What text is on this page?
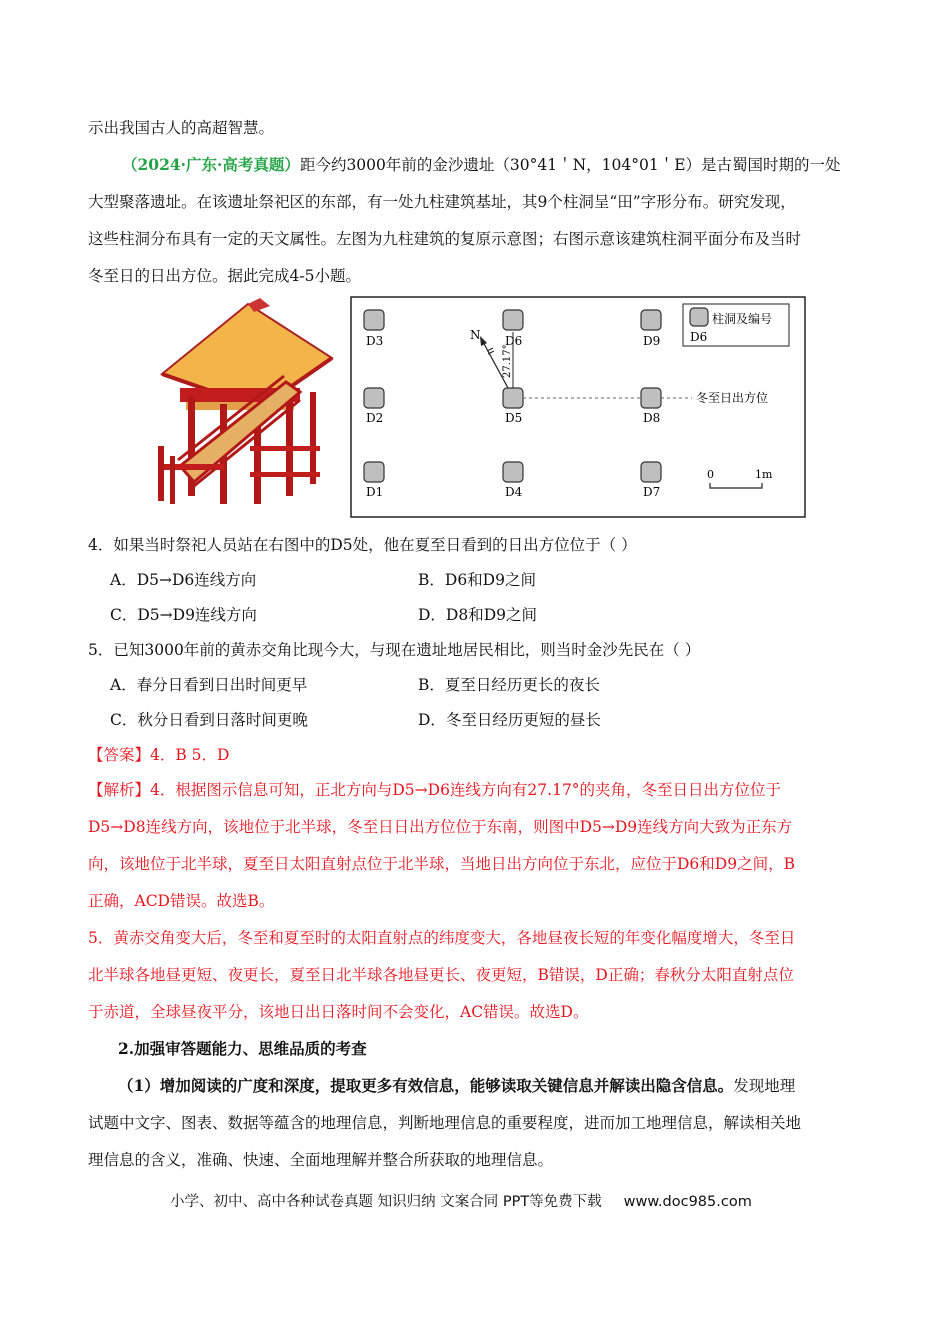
示出我国古人的高超智慧。
（2024·广东·高考真题）距今约3000年前的金沙遗址（30°41＇N，104°01＇E）是古蜀国时期的一处
大型聚落遗址。在该遗址祭祀区的东部，有一处九柱建筑基址，其9个柱洞呈“田”字形分布。研究发现，
这些柱洞分布具有一定的天文属性。左图为九柱建筑的复原示意图；右图示意该建筑柱洞平面分布及当时
冬至日的日出方位。据此完成4-5小题。
D3	D6	D9
D2	D5	D8
D1	D4	D7
N
27.17°
冬至日出方位
柱洞及编号
D6
0	1m
4．如果当时祭祀人员站在右图中的D5处，他在夏至日看到的日出方位位于（ ）
A．D5→D6连线方向	B．D6和D9之间
C．D5→D9连线方向	D．D8和D9之间
5．已知3000年前的黄赤交角比现今大，与现在遗址地居民相比，则当时金沙先民在（ ）
A．春分日看到日出时间更早	B．夏至日经历更长的夜长
C．秋分日看到日落时间更晚	D．冬至日经历更短的昼长
【答案】4．B 5．D
【解析】4．根据图示信息可知，正北方向与D5→D6连线方向有27.17°的夹角，冬至日日出方位位于
D5→D8连线方向，该地位于北半球，冬至日日出方位位于东南，则图中D5→D9连线方向大致为正东方
向，该地位于北半球，夏至日太阳直射点位于北半球，当地日出方向位于东北，应位于D6和D9之间，B
正确，ACD错误。故选B。
5．黄赤交角变大后，冬至和夏至时的太阳直射点的纬度变大，各地昼夜长短的年变化幅度增大，冬至日
北半球各地昼更短、夜更长，夏至日北半球各地昼更长、夜更短，B错误，D正确；春秋分太阳直射点位
于赤道，全球昼夜平分，该地日出日落时间不会变化，AC错误。故选D。
2.加强审答题能力、思维品质的考查
（1）增加阅读的广度和深度，提取更多有效信息，能够读取关键信息并解读出隐含信息。发现地理
试题中文字、图表、数据等蕴含的地理信息，判断地理信息的重要程度，进而加工地理信息，解读相关地
理信息的含义，准确、快速、全面地理解并整合所获取的地理信息。
小学、初中、高中各种试卷真题 知识归纳 文案合同 PPT等免费下载 www.doc985.com
